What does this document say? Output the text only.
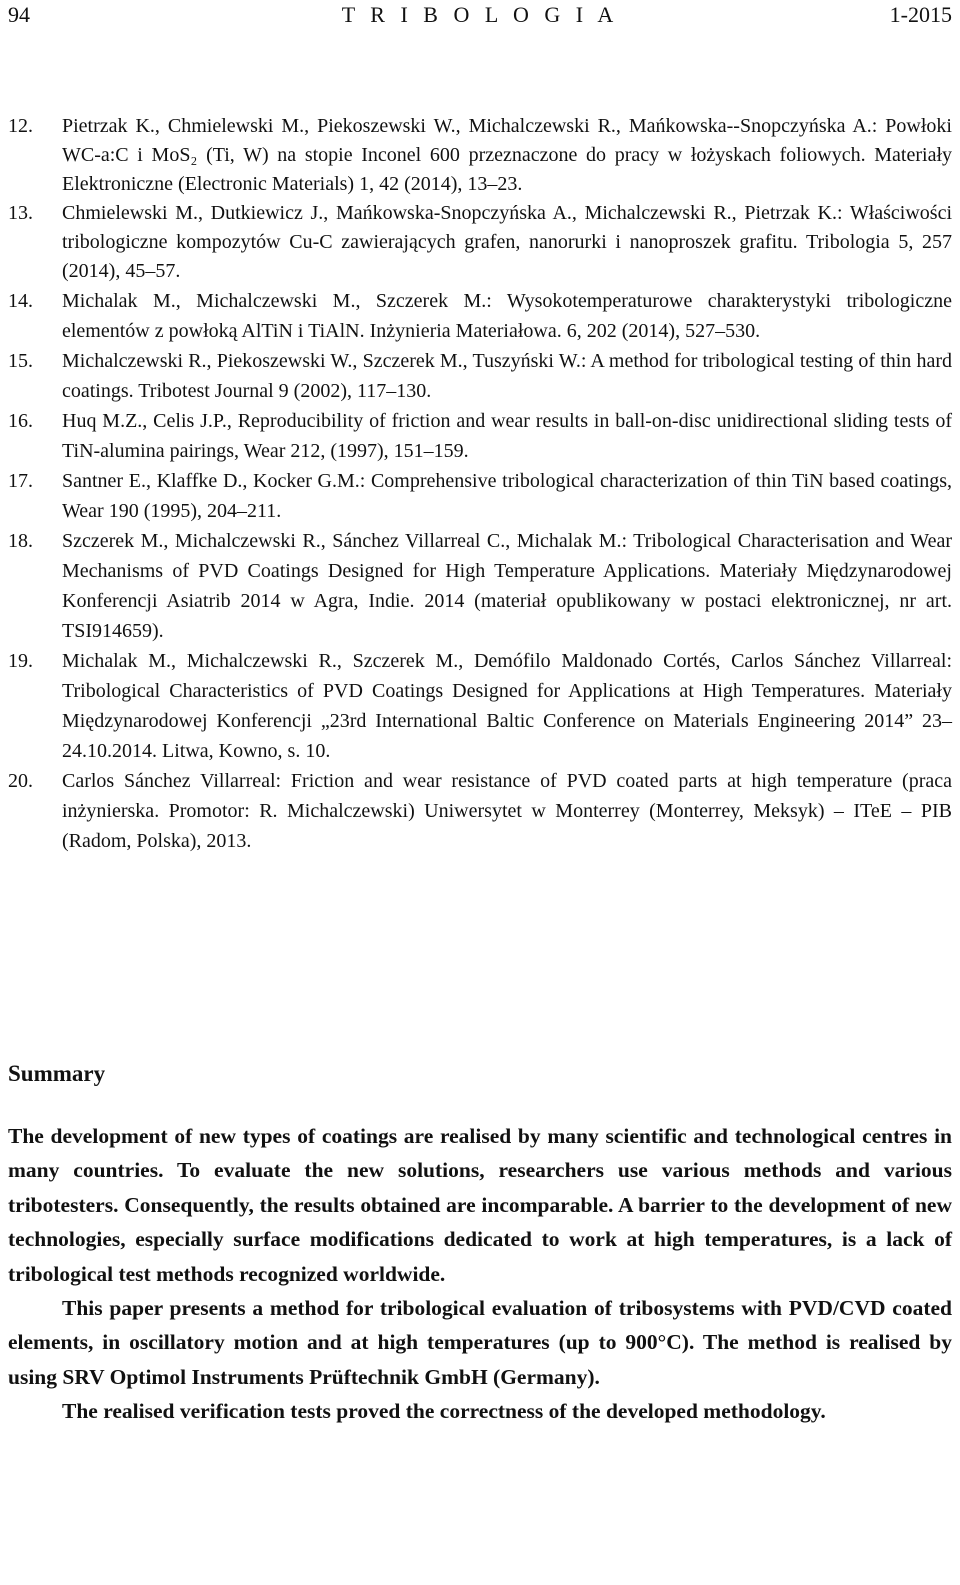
94	T R I B O L O G I A	1-2015
12. Pietrzak K., Chmielewski M., Piekoszewski W., Michalczewski R., Mańkowska--Snopczyńska A.: Powłoki WC-a:C i MoS₂ (Ti, W) na stopie Inconel 600 przeznaczone do pracy w łożyskach foliowych. Materiały Elektroniczne (Electronic Materials) 1, 42 (2014), 13–23.
13. Chmielewski M., Dutkiewicz J., Mańkowska-Snopczyńska A., Michalczewski R., Pietrzak K.: Właściwości tribologiczne kompozytów Cu-C zawierających grafen, nanorurki i nanoproszek grafitu. Tribologia 5, 257 (2014), 45–57.
14. Michalak M., Michalczewski M., Szczerek M.: Wysokotemperaturowe charakterystyki tribologiczne elementów z powłoką AlTiN i TiAlN. Inżynieria Materiałowa. 6, 202 (2014), 527–530.
15. Michalczewski R., Piekoszewski W., Szczerek M., Tuszyński W.: A method for tribological testing of thin hard coatings. Tribotest Journal 9 (2002), 117–130.
16. Huq M.Z., Celis J.P., Reproducibility of friction and wear results in ball-on-disc unidirectional sliding tests of TiN-alumina pairings, Wear 212, (1997), 151–159.
17. Santner E., Klaffke D., Kocker G.M.: Comprehensive tribological characterization of thin TiN based coatings, Wear 190 (1995), 204–211.
18. Szczerek M., Michalczewski R., Sánchez Villarreal C., Michalak M.: Tribological Characterisation and Wear Mechanisms of PVD Coatings Designed for High Temperature Applications. Materiały Międzynarodowej Konferencji Asiatrib 2014 w Agra, Indie. 2014 (materiał opublikowany w postaci elektronicznej, nr art. TSI914659).
19. Michalak M., Michalczewski R., Szczerek M., Demófilo Maldonado Cortés, Carlos Sánchez Villarreal: Tribological Characteristics of PVD Coatings Designed for Applications at High Temperatures. Materiały Międzynarodowej Konferencji „23rd International Baltic Conference on Materials Engineering 2014” 23–24.10.2014. Litwa, Kowno, s. 10.
20. Carlos Sánchez Villarreal: Friction and wear resistance of PVD coated parts at high temperature (praca inżynierska. Promotor: R. Michalczewski) Uniwersytet w Monterrey (Monterrey, Meksyk) – ITeE – PIB (Radom, Polska), 2013.
Summary

The development of new types of coatings are realised by many scientific and technological centres in many countries. To evaluate the new solutions, researchers use various methods and various tribotesters. Consequently, the results obtained are incomparable. A barrier to the development of new technologies, especially surface modifications dedicated to work at high temperatures, is a lack of tribological test methods recognized worldwide.

This paper presents a method for tribological evaluation of tribosystems with PVD/CVD coated elements, in oscillatory motion and at high temperatures (up to 900°C). The method is realised by using SRV Optimol Instruments Prüftechnik GmbH (Germany).

The realised verification tests proved the correctness of the developed methodology.
